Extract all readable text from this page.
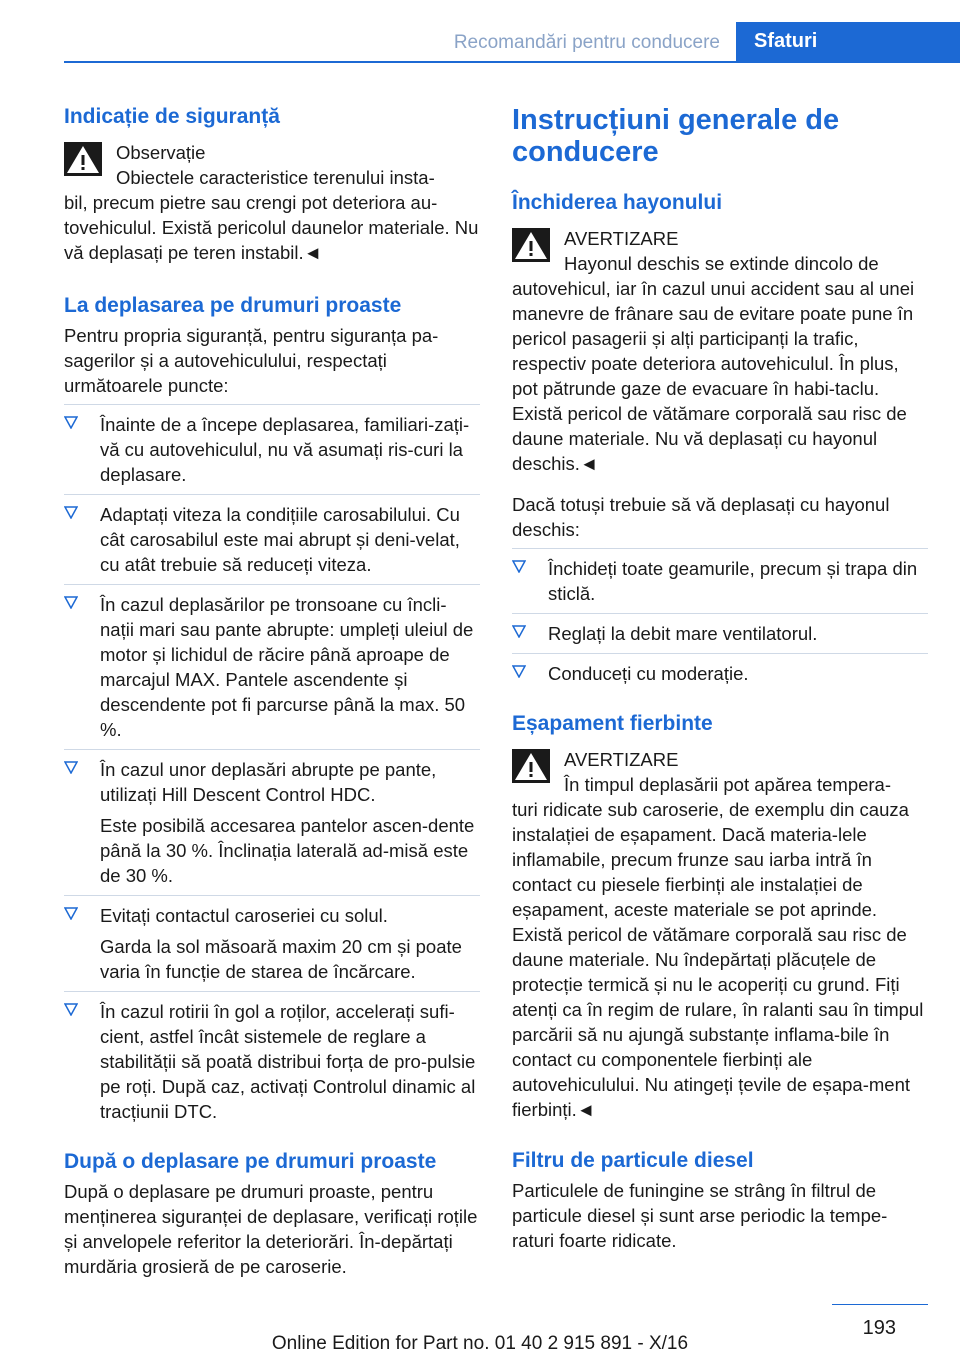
Recomandări pentru conducere	Sfaturi
Indicație de siguranță
Observație
Obiectele caracteristice terenului insta-
bil, precum pietre sau crengi pot deteriora au-tovehiculul. Există pericolul daunelor materiale. Nu vă deplasați pe teren instabil.◄
La deplasarea pe drumuri proaste
Pentru propria siguranță, pentru siguranța pa-sagerilor și a autovehiculului, respectați următoarele puncte:
Înainte de a începe deplasarea, familiari-zați-vă cu autovehiculul, nu vă asumați ris-curi la deplasare.
Adaptați viteza la condițiile carosabilului. Cu cât carosabilul este mai abrupt și deni-velat, cu atât trebuie să reduceți viteza.
În cazul deplasărilor pe tronsoane cu încli-nații mari sau pante abrupte: umpleți uleiul de motor și lichidul de răcire până aproape de marcajul MAX. Pantele ascendente și descendente pot fi parcurse până la max. 50 %.
În cazul unor deplasări abrupte pe pante, utilizați Hill Descent Control HDC.
Este posibilă accesarea pantelor ascen-dente până la 30 %. Înclinația laterală ad-misă este de 30 %.
Evitați contactul caroseriei cu solul.
Garda la sol măsoară maxim 20 cm și poate varia în funcție de starea de încărcare.
În cazul rotirii în gol a roților, accelerați sufi-cient, astfel încât sistemele de reglare a stabilității să poată distribui forța de pro-pulsie pe roți. După caz, activați Controlul dinamic al tracțiunii DTC.
După o deplasare pe drumuri proaste
După o deplasare pe drumuri proaste, pentru menținerea siguranței de deplasare, verificați roțile și anvelopele referitor la deteriorări. În-depărtați murdăria grosieră de pe caroserie.
Instrucțiuni generale de conducere
Închiderea hayonului
AVERTIZARE
Hayonul deschis se extinde dincolo de
autovehicul, iar în cazul unui accident sau al unei manevre de frânare sau de evitare poate pune în pericol pasagerii și alți participanți la trafic, respectiv poate deteriora autovehiculul. În plus, pot pătrunde gaze de evacuare în habi-taclu. Există pericol de vătămare corporală sau risc de daune materiale. Nu vă deplasați cu hayonul deschis.◄
Dacă totuși trebuie să vă deplasați cu hayonul deschis:
Închideți toate geamurile, precum și trapa din sticlă.
Reglați la debit mare ventilatorul.
Conduceți cu moderație.
Eșapament fierbinte
AVERTIZARE
În timpul deplasării pot apărea tempera-
turi ridicate sub caroserie, de exemplu din cauza instalației de eșapament. Dacă materia-lele inflamabile, precum frunze sau iarba intră în contact cu piesele fierbinți ale instalației de eșapament, aceste materiale se pot aprinde. Există pericol de vătămare corporală sau risc de daune materiale. Nu îndepărtați plăcuțele de protecție termică și nu le acoperiți cu grund. Fiți atenți ca în regim de rulare, în ralanti sau în timpul parcării să nu ajungă substanțe inflama-bile în contact cu componentele fierbinți ale autovehiculului. Nu atingeți țevile de eșapa-ment fierbinți.◄
Filtru de particule diesel
Particulele de funingine se strâng în filtrul de particule diesel și sunt arse periodic la tempe-raturi foarte ridicate.
193
Online Edition for Part no. 01 40 2 915 891 - X/16
